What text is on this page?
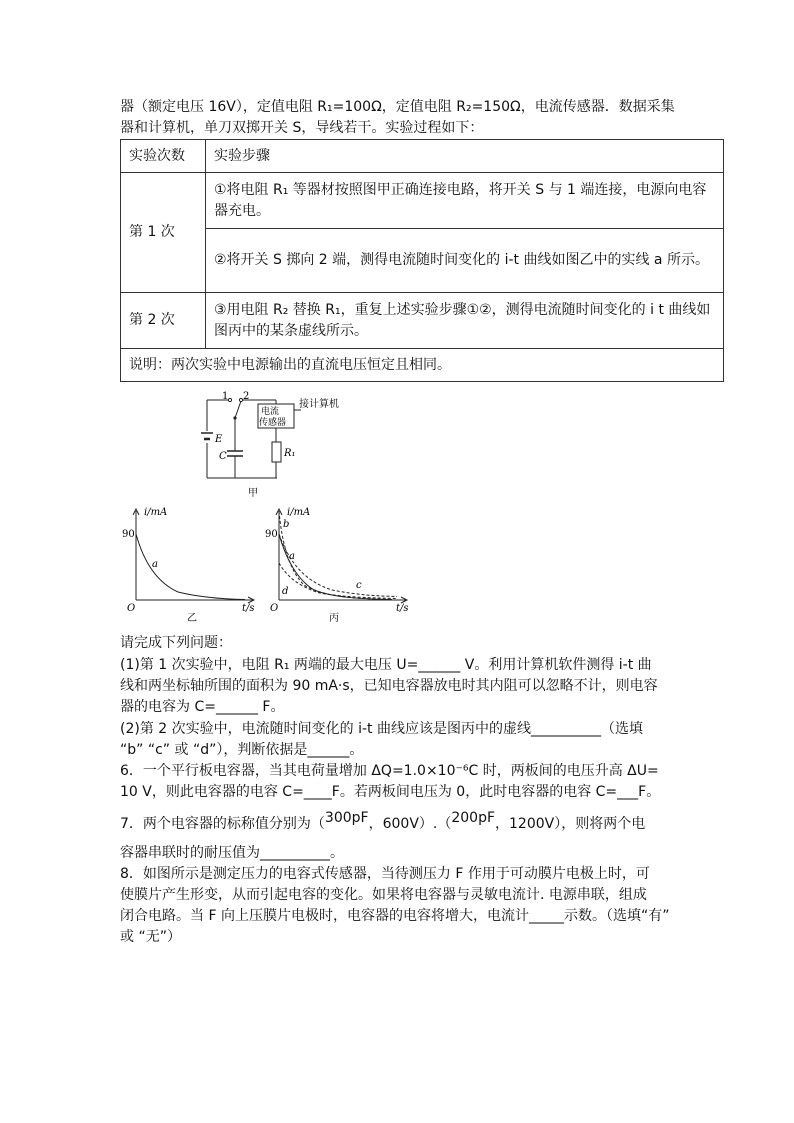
器（额定电压 16V），定值电阻 R₁=100Ω，定值电阻 R₂=150Ω，电流传感器．数据采集
器和计算机，单刀双掷开关 S，导线若干。实验过程如下：
实验次数	实验步骤
第 1 次	①将电阻 R₁ 等器材按照图甲正确连接电路，将开关 S 与 1 端连接，电源向电容
器充电。

	②将开关 S 掷向 2 端，测得电流随时间变化的 i-t 曲线如图乙中的实线 a 所示。
第 2 次	③用电阻 R₂ 替换 R₁，重复上述实验步骤①②，测得电流随时间变化的 i t 曲线如
图丙中的某条虚线所示。

说明：两次实验中电源输出的直流电压恒定且相同。	
1 2
电流
传感器
接计算机
E
C	R₁
甲
i/mA
t/s
90
O
a
乙
i/mA
t/s
90
O
a
b
c
d
丙
请完成下列问题：
(1)第 1 次实验中，电阻 R₁ 两端的最大电压 U=______ V。利用计算机软件测得 i-t 曲
线和两坐标轴所围的面积为 90 mA·s，已知电容器放电时其内阻可以忽略不计，则电容
器的电容为 C=______ F。
(2)第 2 次实验中，电流随时间变化的 i-t 曲线应该是图丙中的虚线__________（选填
“b” “c” 或 “d”），判断依据是______。
6．一个平行板电容器，当其电荷量增加 ΔQ=1.0×10⁻⁶C 时，两板间的电压升高 ΔU=
10 V，则此电容器的电容 C=____F。若两板间电压为 0，此时电容器的电容 C=___F。
7．两个电容器的标称值分别为（300pF，600V）.（200pF，1200V），则将两个电
容器串联时的耐压值为__________。
8．如图所示是测定压力的电容式传感器，当待测压力 F 作用于可动膜片电极上时，可
使膜片产生形变，从而引起电容的变化。如果将电容器与灵敏电流计. 电源串联，组成
闭合电路。当 F 向上压膜片电极时，电容器的电容将增大，电流计_____示数。（选填“有”
或 “无”）
